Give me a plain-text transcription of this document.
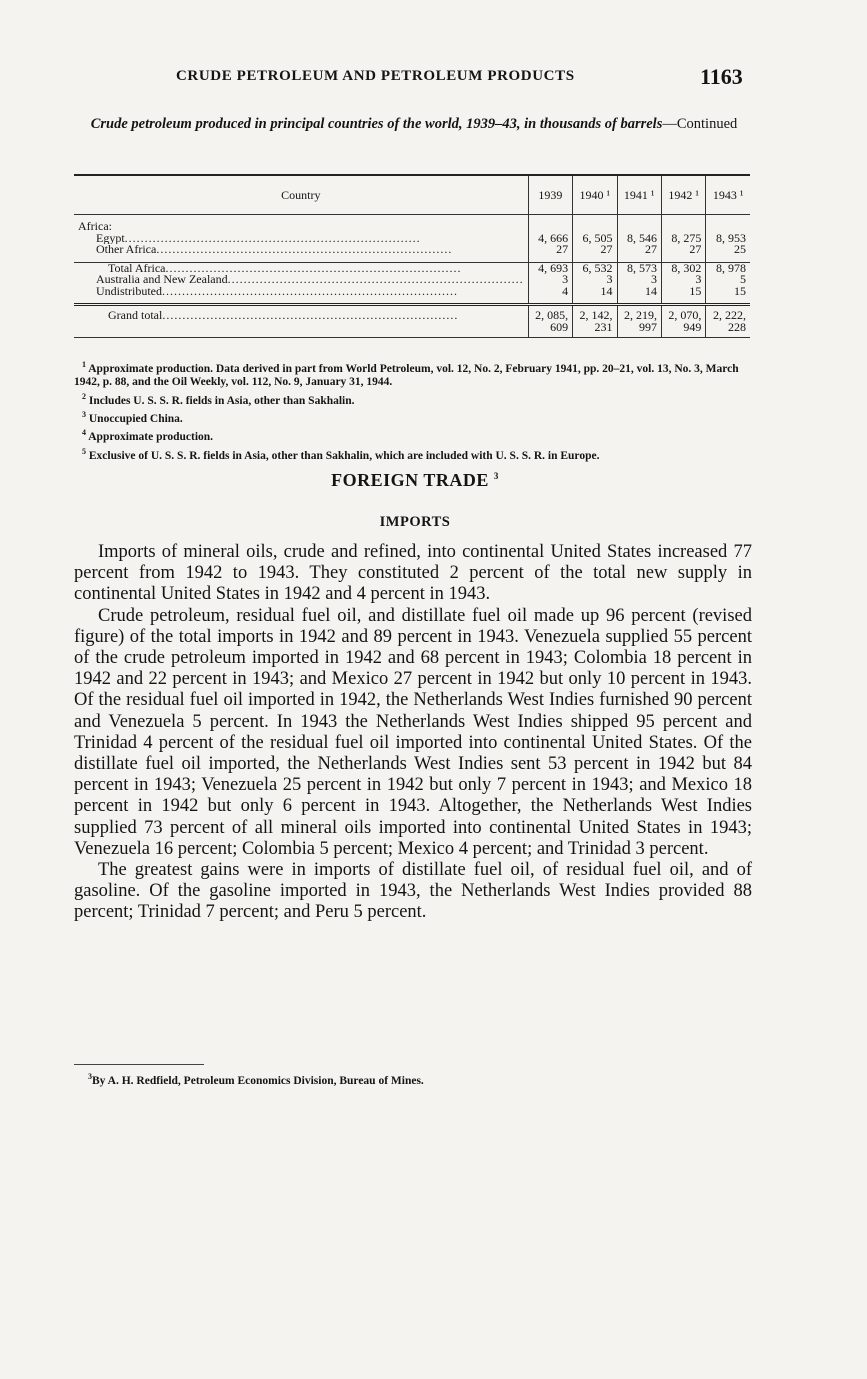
CRUDE PETROLEUM AND PETROLEUM PRODUCTS	1163
Crude petroleum produced in principal countries of the world, 1939–43, in thousands of barrels—Continued
Country	1939	1940 ¹	1941 ¹	1942 ¹	1943 ¹

Africa:					
Egypt .....	4, 666	6, 505	8, 546	8, 275	8, 953
Other Africa .....	27	27	27	27	25

Total Africa .....	4, 693	6, 532	8, 573	8, 302	8, 978
Australia and New Zealand .....	3	3	3	3	5
Undistributed .....	4	14	14	15	15

Grand total .....	2, 085, 609	2, 142, 231	2, 219, 997	2, 070, 949	2, 222, 228

$^1$ Approximate production. Data derived in part from World Petroleum, vol. 12, No. 2, February 1941, pp. 20–21, vol. 13, No. 3, March 1942, p. 88, and the Oil Weekly, vol. 112, No. 9, January 31, 1944.

$^2$ Includes U. S. S. R. fields in Asia, other than Sakhalin.

$^3$ Unoccupied China.

$^4$ Approximate production.

$^5$ Exclusive of U. S. S. R. fields in Asia, other than Sakhalin, which are included with U. S. S. R. in Europe.

FOREIGN TRADE $^3$
IMPORTS

Imports of mineral oils, crude and refined, into continental United States increased 77 percent from 1942 to 1943. They constituted 2 percent of the total new supply in continental United States in 1942 and 4 percent in 1943.

Crude petroleum, residual fuel oil, and distillate fuel oil made up 96 percent (revised figure) of the total imports in 1942 and 89 percent in 1943. Venezuela supplied 55 percent of the crude petroleum imported in 1942 and 68 percent in 1943; Colombia 18 percent in 1942 and 22 percent in 1943; and Mexico 27 percent in 1942 but only 10 percent in 1943. Of the residual fuel oil imported in 1942, the Netherlands West Indies furnished 90 percent and Venezuela 5 percent. In 1943 the Netherlands West Indies shipped 95 percent and Trinidad 4 percent of the residual fuel oil imported into continental United States. Of the distillate fuel oil imported, the Netherlands West Indies sent 53 percent in 1942 but 84 percent in 1943; Venezuela 25 percent in 1942 but only 7 percent in 1943; and Mexico 18 percent in 1942 but only 6 percent in 1943. Altogether, the Netherlands West Indies supplied 73 percent of all mineral oils imported into continental United States in 1943; Venezuela 16 percent; Colombia 5 percent; Mexico 4 percent; and Trinidad 3 percent.

The greatest gains were in imports of distillate fuel oil, of residual fuel oil, and of gasoline. Of the gasoline imported in 1943, the Netherlands West Indies provided 88 percent; Trinidad 7 percent; and Peru 5 percent.

$^3$By A. H. Redfield, Petroleum Economics Division, Bureau of Mines.
